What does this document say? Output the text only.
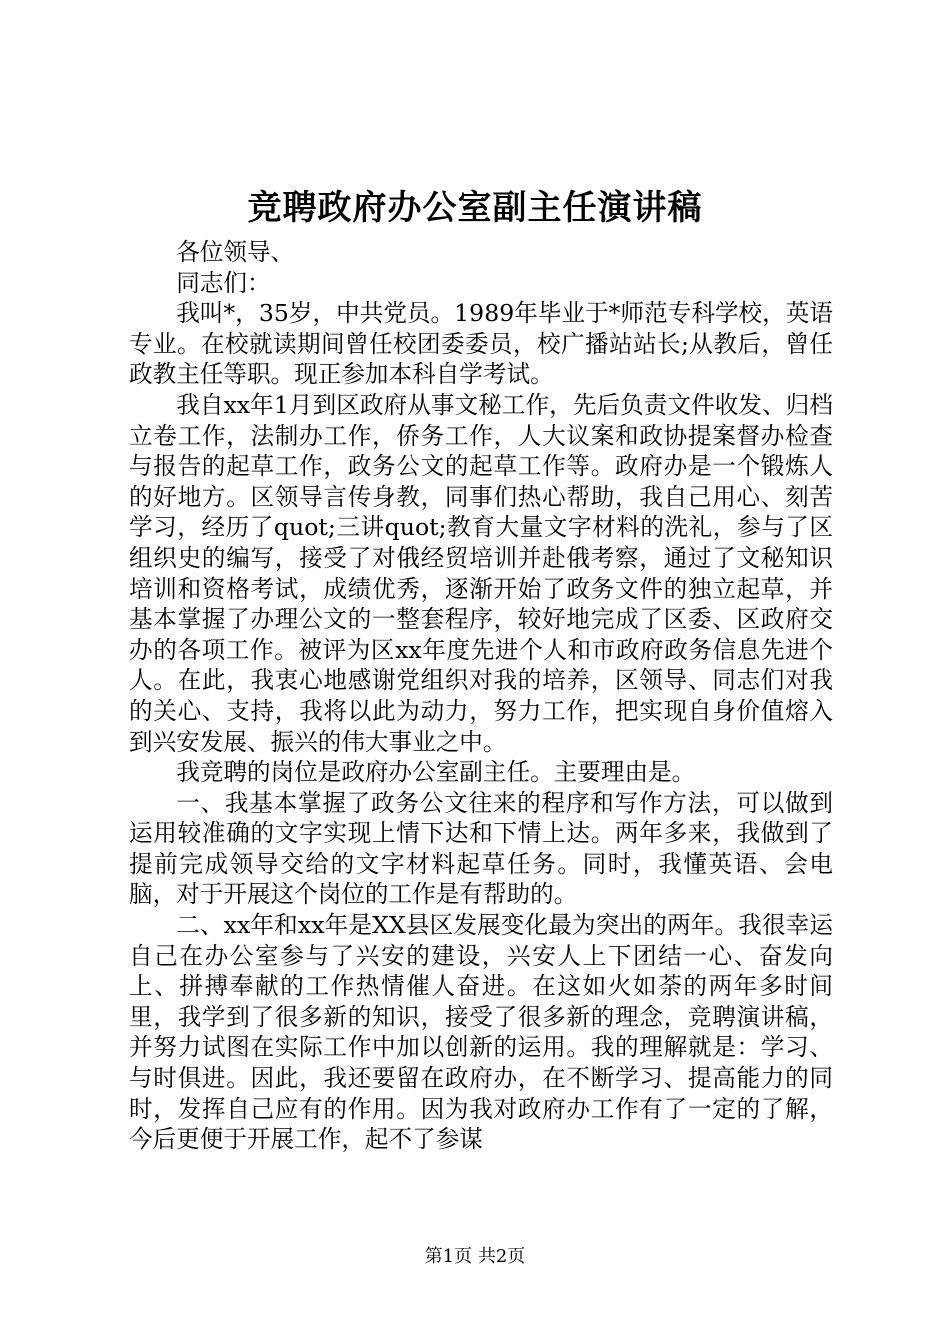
竞聘政府办公室副主任演讲稿

各位领导、

同志们：

我叫*，35岁，中共党员。1989年毕业于*师范专科学校，英语专业。在校就读期间曾任校团委委员，校广播站站长;从教后，曾任政教主任等职。现正参加本科自学考试。

我自xx年1月到区政府从事文秘工作，先后负责文件收发、归档立卷工作，法制办工作，侨务工作，人大议案和政协提案督办检查与报告的起草工作，政务公文的起草工作等。政府办是一个锻炼人的好地方。区领导言传身教，同事们热心帮助，我自己用心、刻苦学习，经历了quot;三讲quot;教育大量文字材料的洗礼，参与了区组织史的编写，接受了对俄经贸培训并赴俄考察，通过了文秘知识培训和资格考试，成绩优秀，逐渐开始了政务文件的独立起草，并基本掌握了办理公文的一整套程序，较好地完成了区委、区政府交办的各项工作。被评为区xx年度先进个人和市政府政务信息先进个人。在此，我衷心地感谢党组织对我的培养，区领导、同志们对我的关心、支持，我将以此为动力，努力工作，把实现自身价值熔入到兴安发展、振兴的伟大事业之中。

我竞聘的岗位是政府办公室副主任。主要理由是。

一、我基本掌握了政务公文往来的程序和写作方法，可以做到运用较准确的文字实现上情下达和下情上达。两年多来，我做到了提前完成领导交给的文字材料起草任务。同时，我懂英语、会电脑，对于开展这个岗位的工作是有帮助的。

二、xx年和xx年是XX县区发展变化最为突出的两年。我很幸运自己在办公室参与了兴安的建设，兴安人上下团结一心、奋发向上、拼搏奉献的工作热情催人奋进。在这如火如荼的两年多时间里，我学到了很多新的知识，接受了很多新的理念，竞聘演讲稿，并努力试图在实际工作中加以创新的运用。我的理解就是：学习、与时俱进。因此，我还要留在政府办，在不断学习、提高能力的同时，发挥自己应有的作用。因为我对政府办工作有了一定的了解，今后更便于开展工作，起不了参谋

第1页 共2页
